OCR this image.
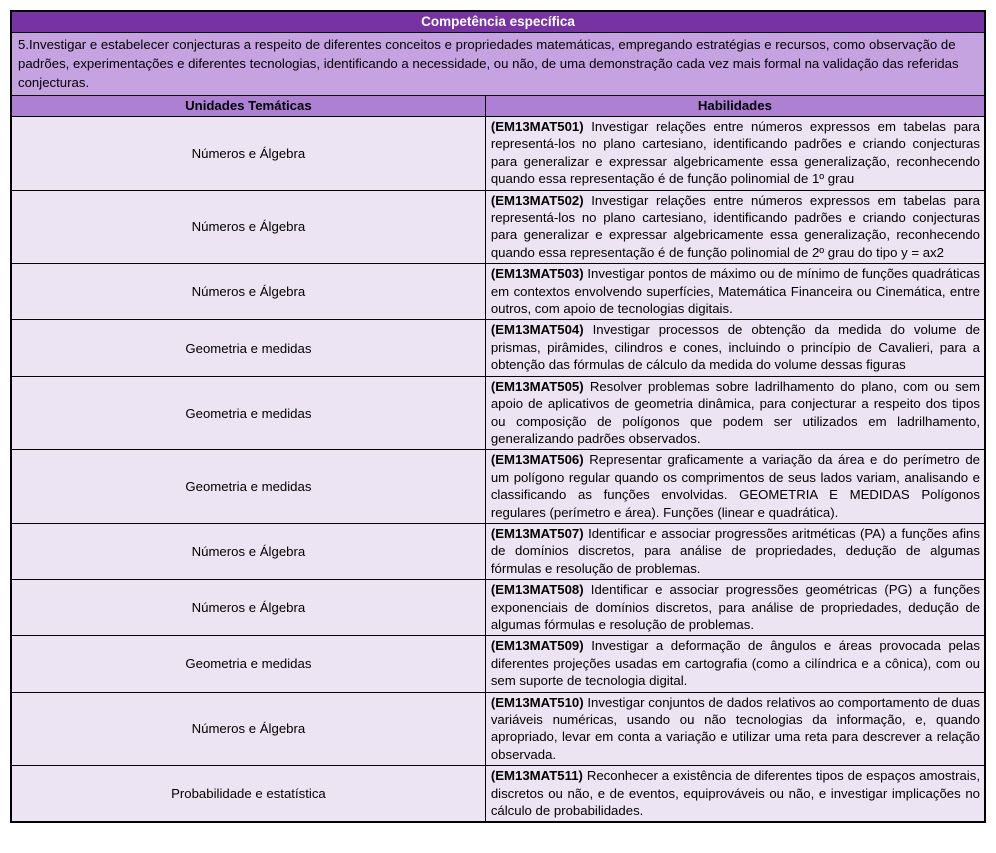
Competência específica	
5.Investigar e estabelecer conjecturas a respeito de diferentes conceitos e propriedades matemáticas, empregando estratégias e recursos, como observação de padrões, experimentações e diferentes tecnologias, identificando a necessidade, ou não, de uma demonstração cada vez mais formal na validação das referidas conjecturas.	
Unidades Temáticas	Habilidades
Números e Álgebra	(EM13MAT501) Investigar relações entre números expressos em tabelas para representá-los no plano cartesiano, identificando padrões e criando conjecturas para generalizar e expressar algebricamente essa generalização, reconhecendo quando essa representação é de função polinomial de 1º grau
Números e Álgebra	(EM13MAT502) Investigar relações entre números expressos em tabelas para representá-los no plano cartesiano, identificando padrões e criando conjecturas para generalizar e expressar algebricamente essa generalização, reconhecendo quando essa representação é de função polinomial de 2º grau do tipo y = ax2
Números e Álgebra	(EM13MAT503) Investigar pontos de máximo ou de mínimo de funções quadráticas em contextos envolvendo superfícies, Matemática Financeira ou Cinemática, entre outros, com apoio de tecnologias digitais.
Geometria e medidas	(EM13MAT504) Investigar processos de obtenção da medida do volume de prismas, pirâmides, cilindros e cones, incluindo o princípio de Cavalieri, para a obtenção das fórmulas de cálculo da medida do volume dessas figuras
Geometria e medidas	(EM13MAT505) Resolver problemas sobre ladrilhamento do plano, com ou sem apoio de aplicativos de geometria dinâmica, para conjecturar a respeito dos tipos ou composição de polígonos que podem ser utilizados em ladrilhamento, generalizando padrões observados.
Geometria e medidas	(EM13MAT506) Representar graficamente a variação da área e do perímetro de um polígono regular quando os comprimentos de seus lados variam, analisando e classificando as funções envolvidas. GEOMETRIA E MEDIDAS Polígonos regulares (perímetro e área). Funções (linear e quadrática).
Números e Álgebra	(EM13MAT507) Identificar e associar progressões aritméticas (PA) a funções afins de domínios discretos, para análise de propriedades, dedução de algumas fórmulas e resolução de problemas.
Números e Álgebra	(EM13MAT508) Identificar e associar progressões geométricas (PG) a funções exponenciais de domínios discretos, para análise de propriedades, dedução de algumas fórmulas e resolução de problemas.
Geometria e medidas	(EM13MAT509) Investigar a deformação de ângulos e áreas provocada pelas diferentes projeções usadas em cartografia (como a cilíndrica e a cônica), com ou sem suporte de tecnologia digital.
Números e Álgebra	(EM13MAT510) Investigar conjuntos de dados relativos ao comportamento de duas variáveis numéricas, usando ou não tecnologias da informação, e, quando apropriado, levar em conta a variação e utilizar uma reta para descrever a relação observada.
Probabilidade e estatística	(EM13MAT511) Reconhecer a existência de diferentes tipos de espaços amostrais, discretos ou não, e de eventos, equiprováveis ou não, e investigar implicações no cálculo de probabilidades.
